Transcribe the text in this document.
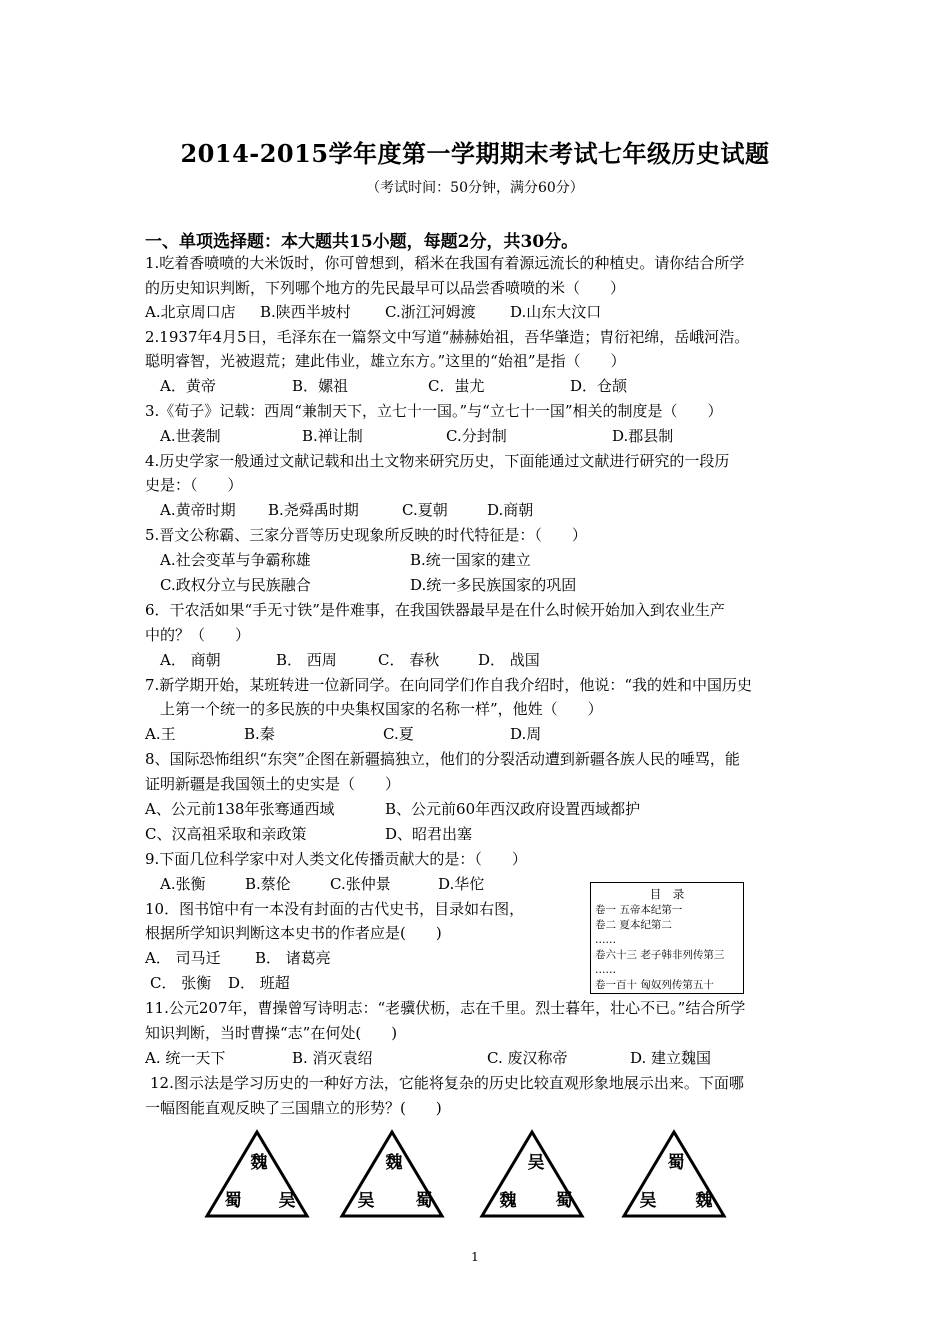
2014-2015学年度第一学期期末考试七年级历史试题
（考试时间：50分钟，满分60分）
一、单项选择题：本大题共15小题，每题2分，共30分。
1.吃着香喷喷的大米饭时，你可曾想到，稻米在我国有着源远流长的种植史。请你结合所学
的历史知识判断，下列哪个地方的先民最早可以品尝香喷喷的米（　　）
A.北京周口店 B.陕西半坡村 C.浙江河姆渡 D.山东大汶口
2.1937年4月5日，毛泽东在一篇祭文中写道“赫赫始祖，吾华肇造；胄衍祀绵，岳峨河浩。
聪明睿智，光被遐荒；建此伟业，雄立东方。”这里的“始祖”是指（　　）
A．黄帝	B．嫘祖	C．蚩尤	D．仓颉
3.《荀子》记载：西周“兼制天下，立七十一国。”与“立七十一国”相关的制度是（　　）
A.世袭制	B.禅让制	C.分封制	D.郡县制
4.历史学家一般通过文献记载和出土文物来研究历史，下面能通过文献进行研究的一段历
史是：（　　）
A.黄帝时期 B.尧舜禹时期	C.夏朝	D.商朝
5.晋文公称霸、三家分晋等历史现象所反映的时代特征是：（　　）
A.社会变革与争霸称雄	B.统一国家的建立
C.政权分立与民族融合	D.统一多民族国家的巩固
6．干农活如果“手无寸铁”是件难事，在我国铁器最早是在什么时候开始加入到农业生产
中的？（　　）
A． 商朝	B． 西周	C． 春秋	D． 战国
7.新学期开始，某班转进一位新同学。在向同学们作自我介绍时，他说：“我的姓和中国历史
上第一个统一的多民族的中央集权国家的名称一样”，他姓（　　）
A.王	B.秦	C.夏	D.周
8、国际恐怖组织“东突”企图在新疆搞独立，他们的分裂活动遭到新疆各族人民的唾骂，能
证明新疆是我国领土的史实是（　　）
A、公元前138年张骞通西域	B、公元前60年西汉政府设置西域都护
C、汉高祖采取和亲政策	D、昭君出塞
9.下面几位科学家中对人类文化传播贡献大的是：（　　）
A.张衡	B.蔡伦	C.张仲景	D.华佗
10．图书馆中有一本没有封面的古代史书，目录如右图，
根据所学知识判断这本史书的作者应是(　　)
A． 司马迁 B． 诸葛亮
C． 张衡 D． 班超
目　录
卷一 五帝本纪第一
卷二 夏本纪第二
……
卷六十三 老子韩非列传第三
……
卷一百十 匈奴列传第五十
11.公元207年，曹操曾写诗明志：“老骥伏枥，志在千里。烈士暮年，壮心不已。”结合所学
知识判断，当时曹操“志”在何处(　　)
A. 统一天下	B. 消灭袁绍	C. 废汉称帝	D. 建立魏国
12.图示法是学习历史的一种好方法，它能将复杂的历史比较直观形象地展示出来。下面哪
一幅图能直观反映了三国鼎立的形势？(　　)
魏
蜀 吴
魏
吴 蜀
吴
魏 蜀
蜀
吴 魏
1
